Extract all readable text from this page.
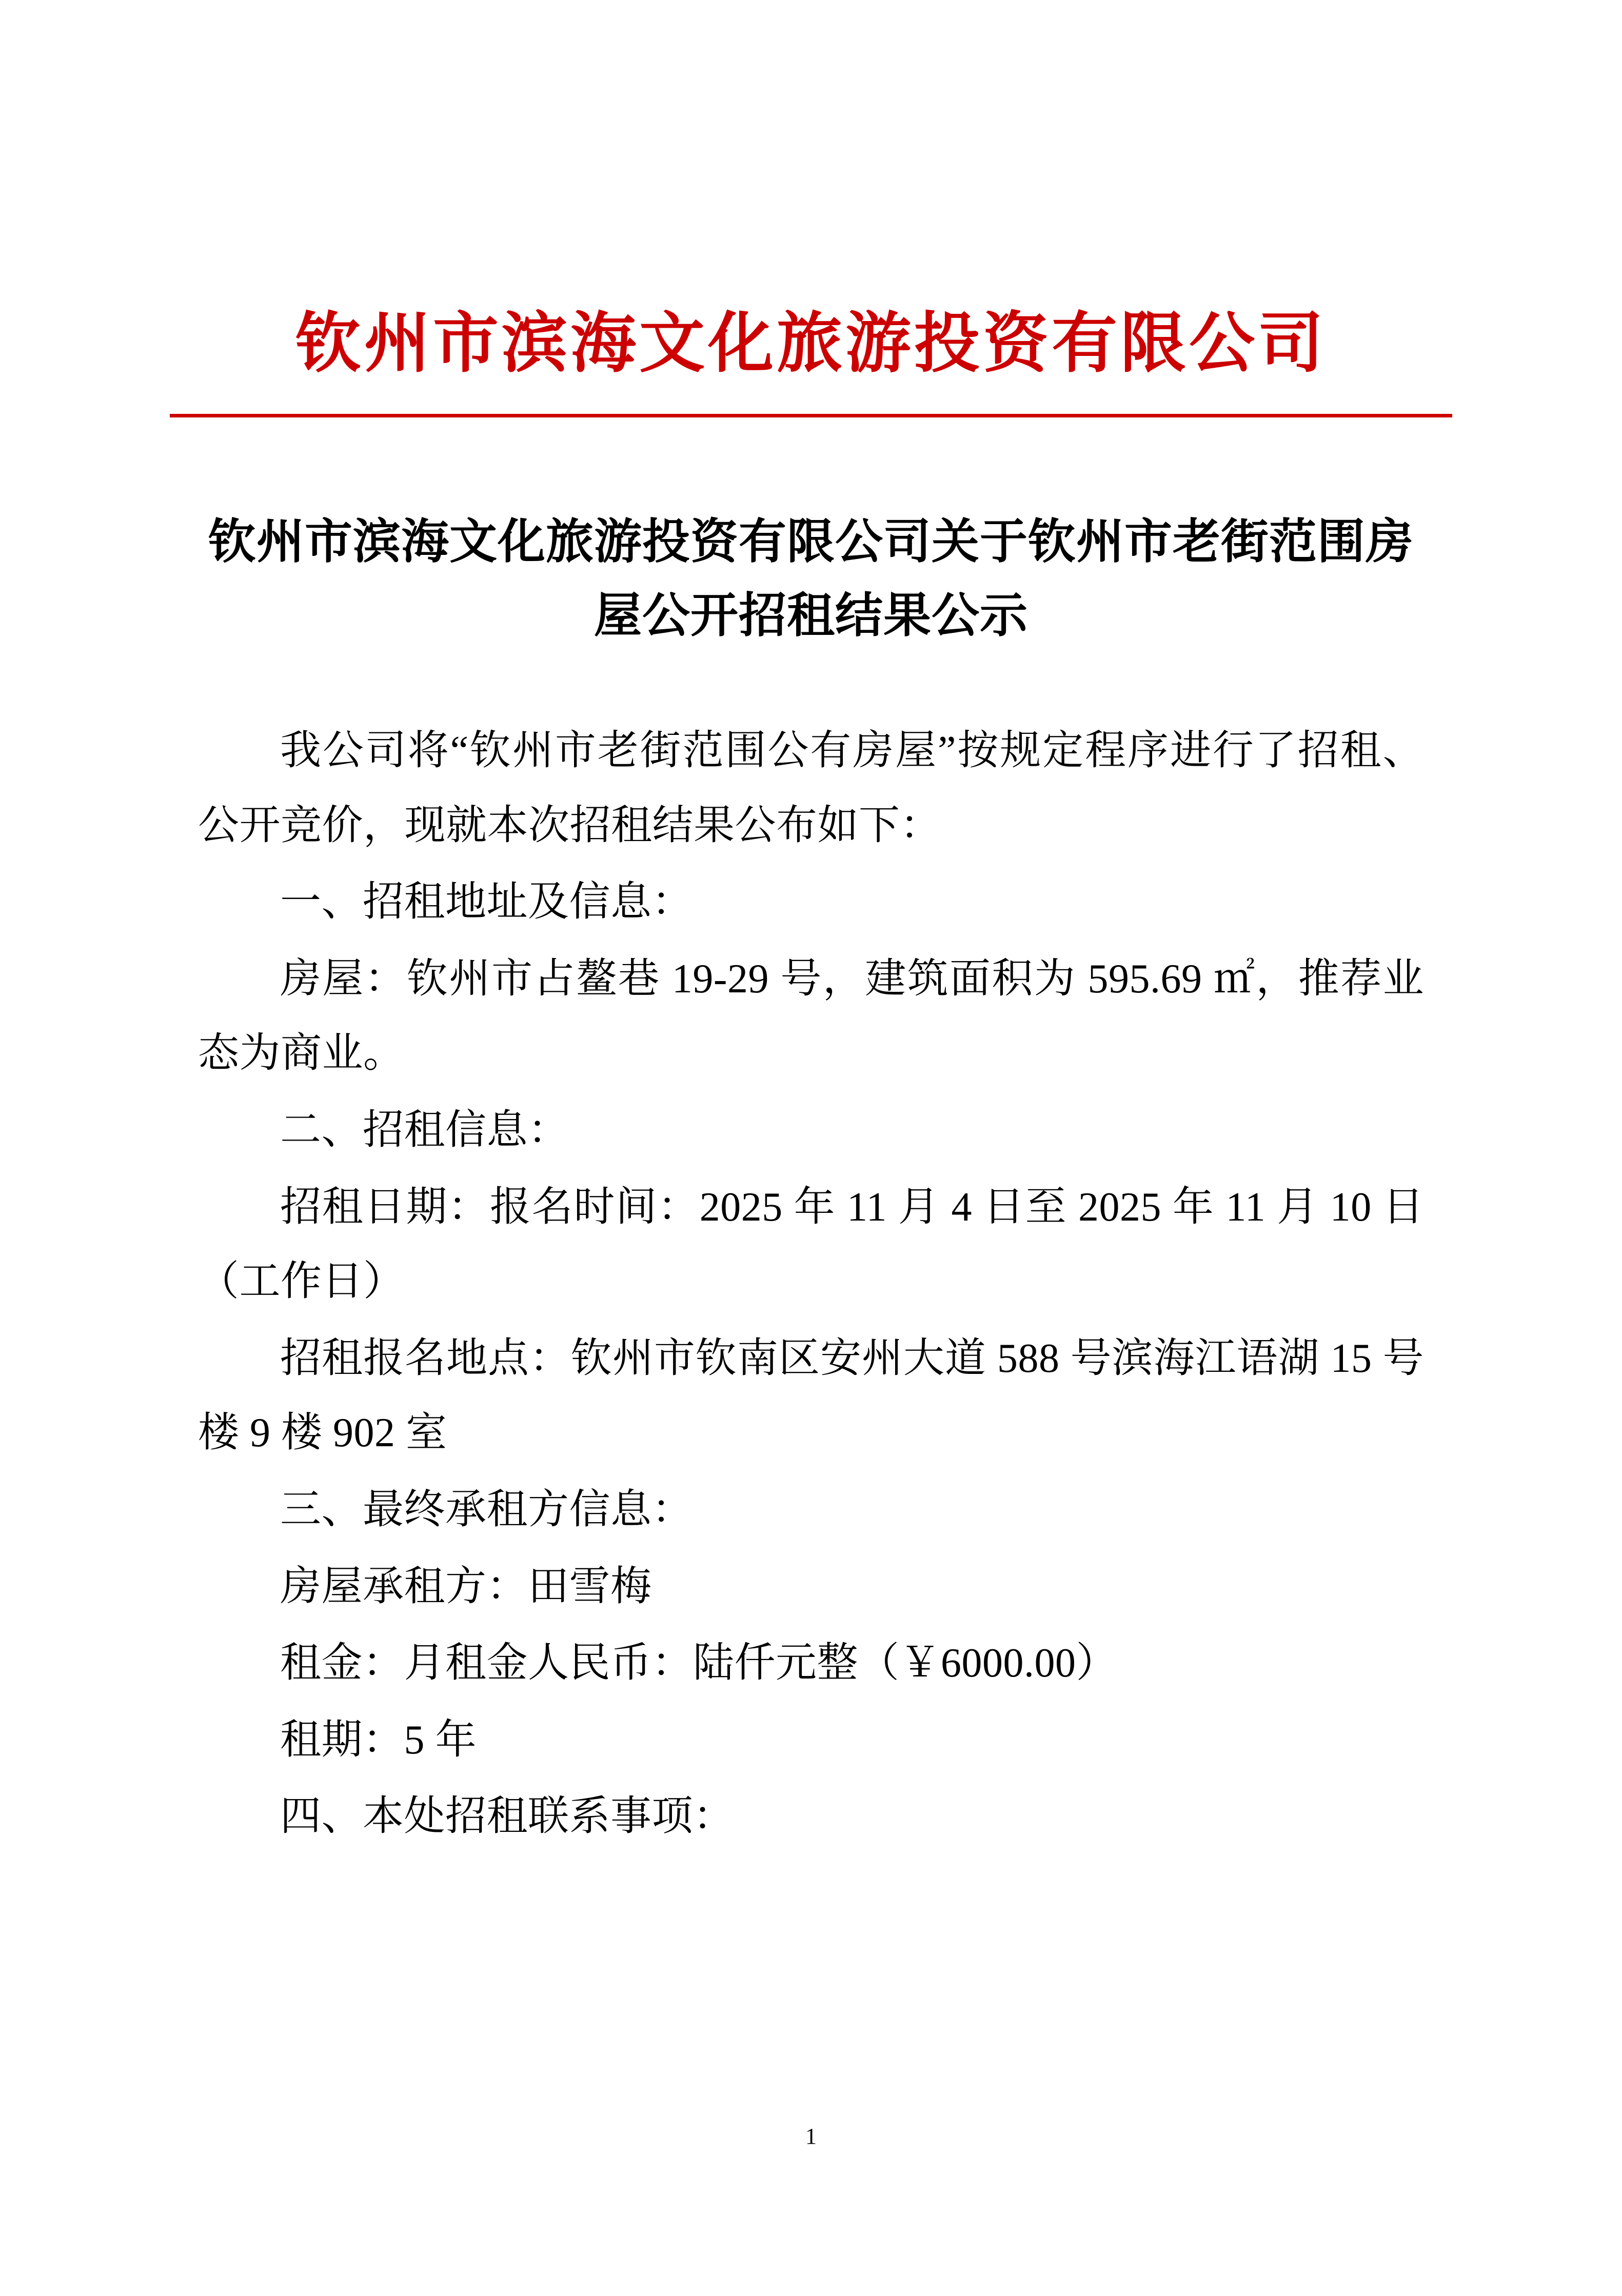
钦州市滨海文化旅游投资有限公司
钦州市滨海文化旅游投资有限公司关于钦州市老街范围房屋公开招租结果公示

我公司将“钦州市老街范围公有房屋”按规定程序进行了招租、公开竞价，现就本次招租结果公布如下：

一、招租地址及信息：

房屋：钦州市占鳌巷 19-29 号，建筑面积为 595.69 ㎡，推荐业态为商业。

二、招租信息：

招租日期：报名时间：2025 年 11 月 4 日至 2025 年 11 月 10 日（工作日）

招租报名地点：钦州市钦南区安州大道 588 号滨海江语湖 15 号楼 9 楼 902 室

三、最终承租方信息：

房屋承租方：田雪梅

租金：月租金人民币：陆仟元整（￥6000.00）

租期：5 年

四、本处招租联系事项：

1
